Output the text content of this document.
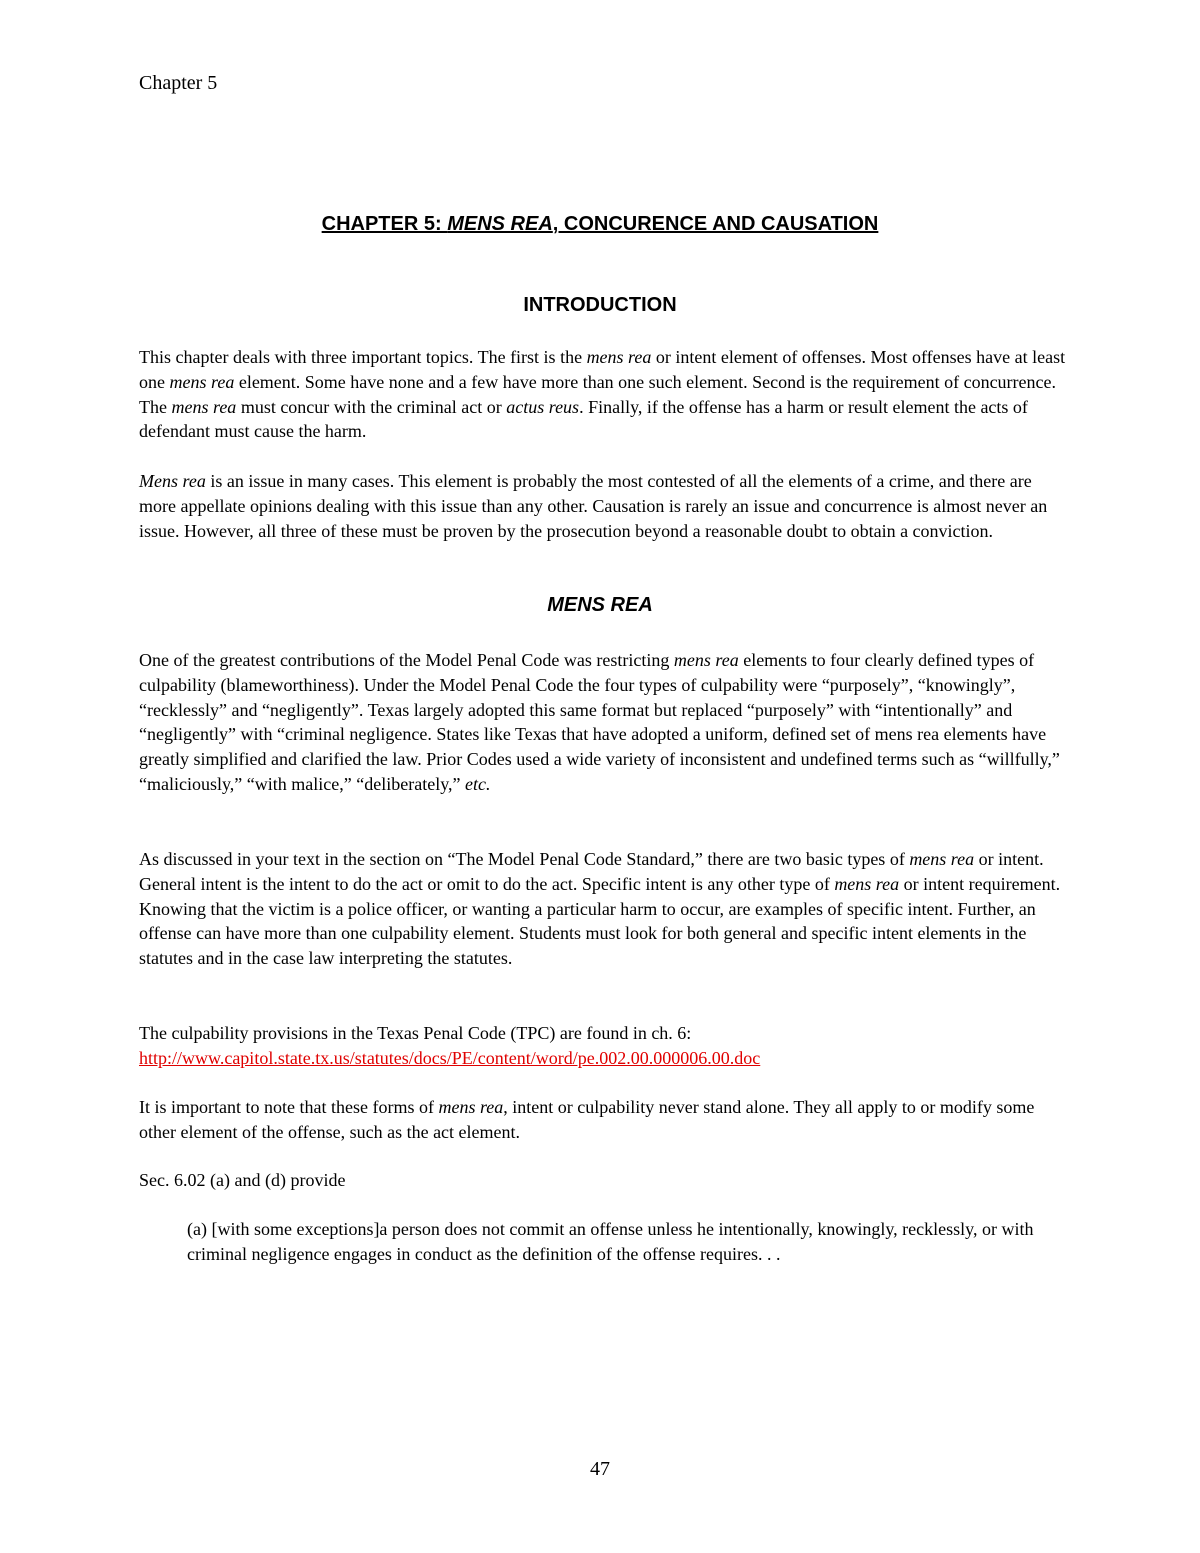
Chapter 5
CHAPTER 5: MENS REA, CONCURENCE AND CAUSATION
INTRODUCTION

This chapter deals with three important topics. The first is the mens rea or intent element of offenses. Most offenses have at least one mens rea element. Some have none and a few have more than one such element. Second is the requirement of concurrence. The mens rea must concur with the criminal act or actus reus. Finally, if the offense has a harm or result element the acts of defendant must cause the harm.

Mens rea is an issue in many cases. This element is probably the most contested of all the elements of a crime, and there are more appellate opinions dealing with this issue than any other. Causation is rarely an issue and concurrence is almost never an issue. However, all three of these must be proven by the prosecution beyond a reasonable doubt to obtain a conviction.

MENS REA

One of the greatest contributions of the Model Penal Code was restricting mens rea elements to four clearly defined types of culpability (blameworthiness). Under the Model Penal Code the four types of culpability were “purposely”, “knowingly”, “recklessly” and “negligently”. Texas largely adopted this same format but replaced “purposely” with “intentionally” and “negligently” with “criminal negligence. States like Texas that have adopted a uniform, defined set of mens rea elements have greatly simplified and clarified the law. Prior Codes used a wide variety of inconsistent and undefined terms such as “willfully,” “maliciously,” “with malice,” “deliberately,” etc.

As discussed in your text in the section on “The Model Penal Code Standard,” there are two basic types of mens rea or intent. General intent is the intent to do the act or omit to do the act. Specific intent is any other type of mens rea or intent requirement. Knowing that the victim is a police officer, or wanting a particular harm to occur, are examples of specific intent. Further, an offense can have more than one culpability element. Students must look for both general and specific intent elements in the statutes and in the case law interpreting the statutes.

The culpability provisions in the Texas Penal Code (TPC) are found in ch. 6:
http://www.capitol.state.tx.us/statutes/docs/PE/content/word/pe.002.00.000006.00.doc

It is important to note that these forms of mens rea, intent or culpability never stand alone. They all apply to or modify some other element of the offense, such as the act element.

Sec. 6.02 (a) and (d) provide

(a) [with some exceptions]a person does not commit an offense unless he intentionally, knowingly, recklessly, or with criminal negligence engages in conduct as the definition of the offense requires. . .

47
